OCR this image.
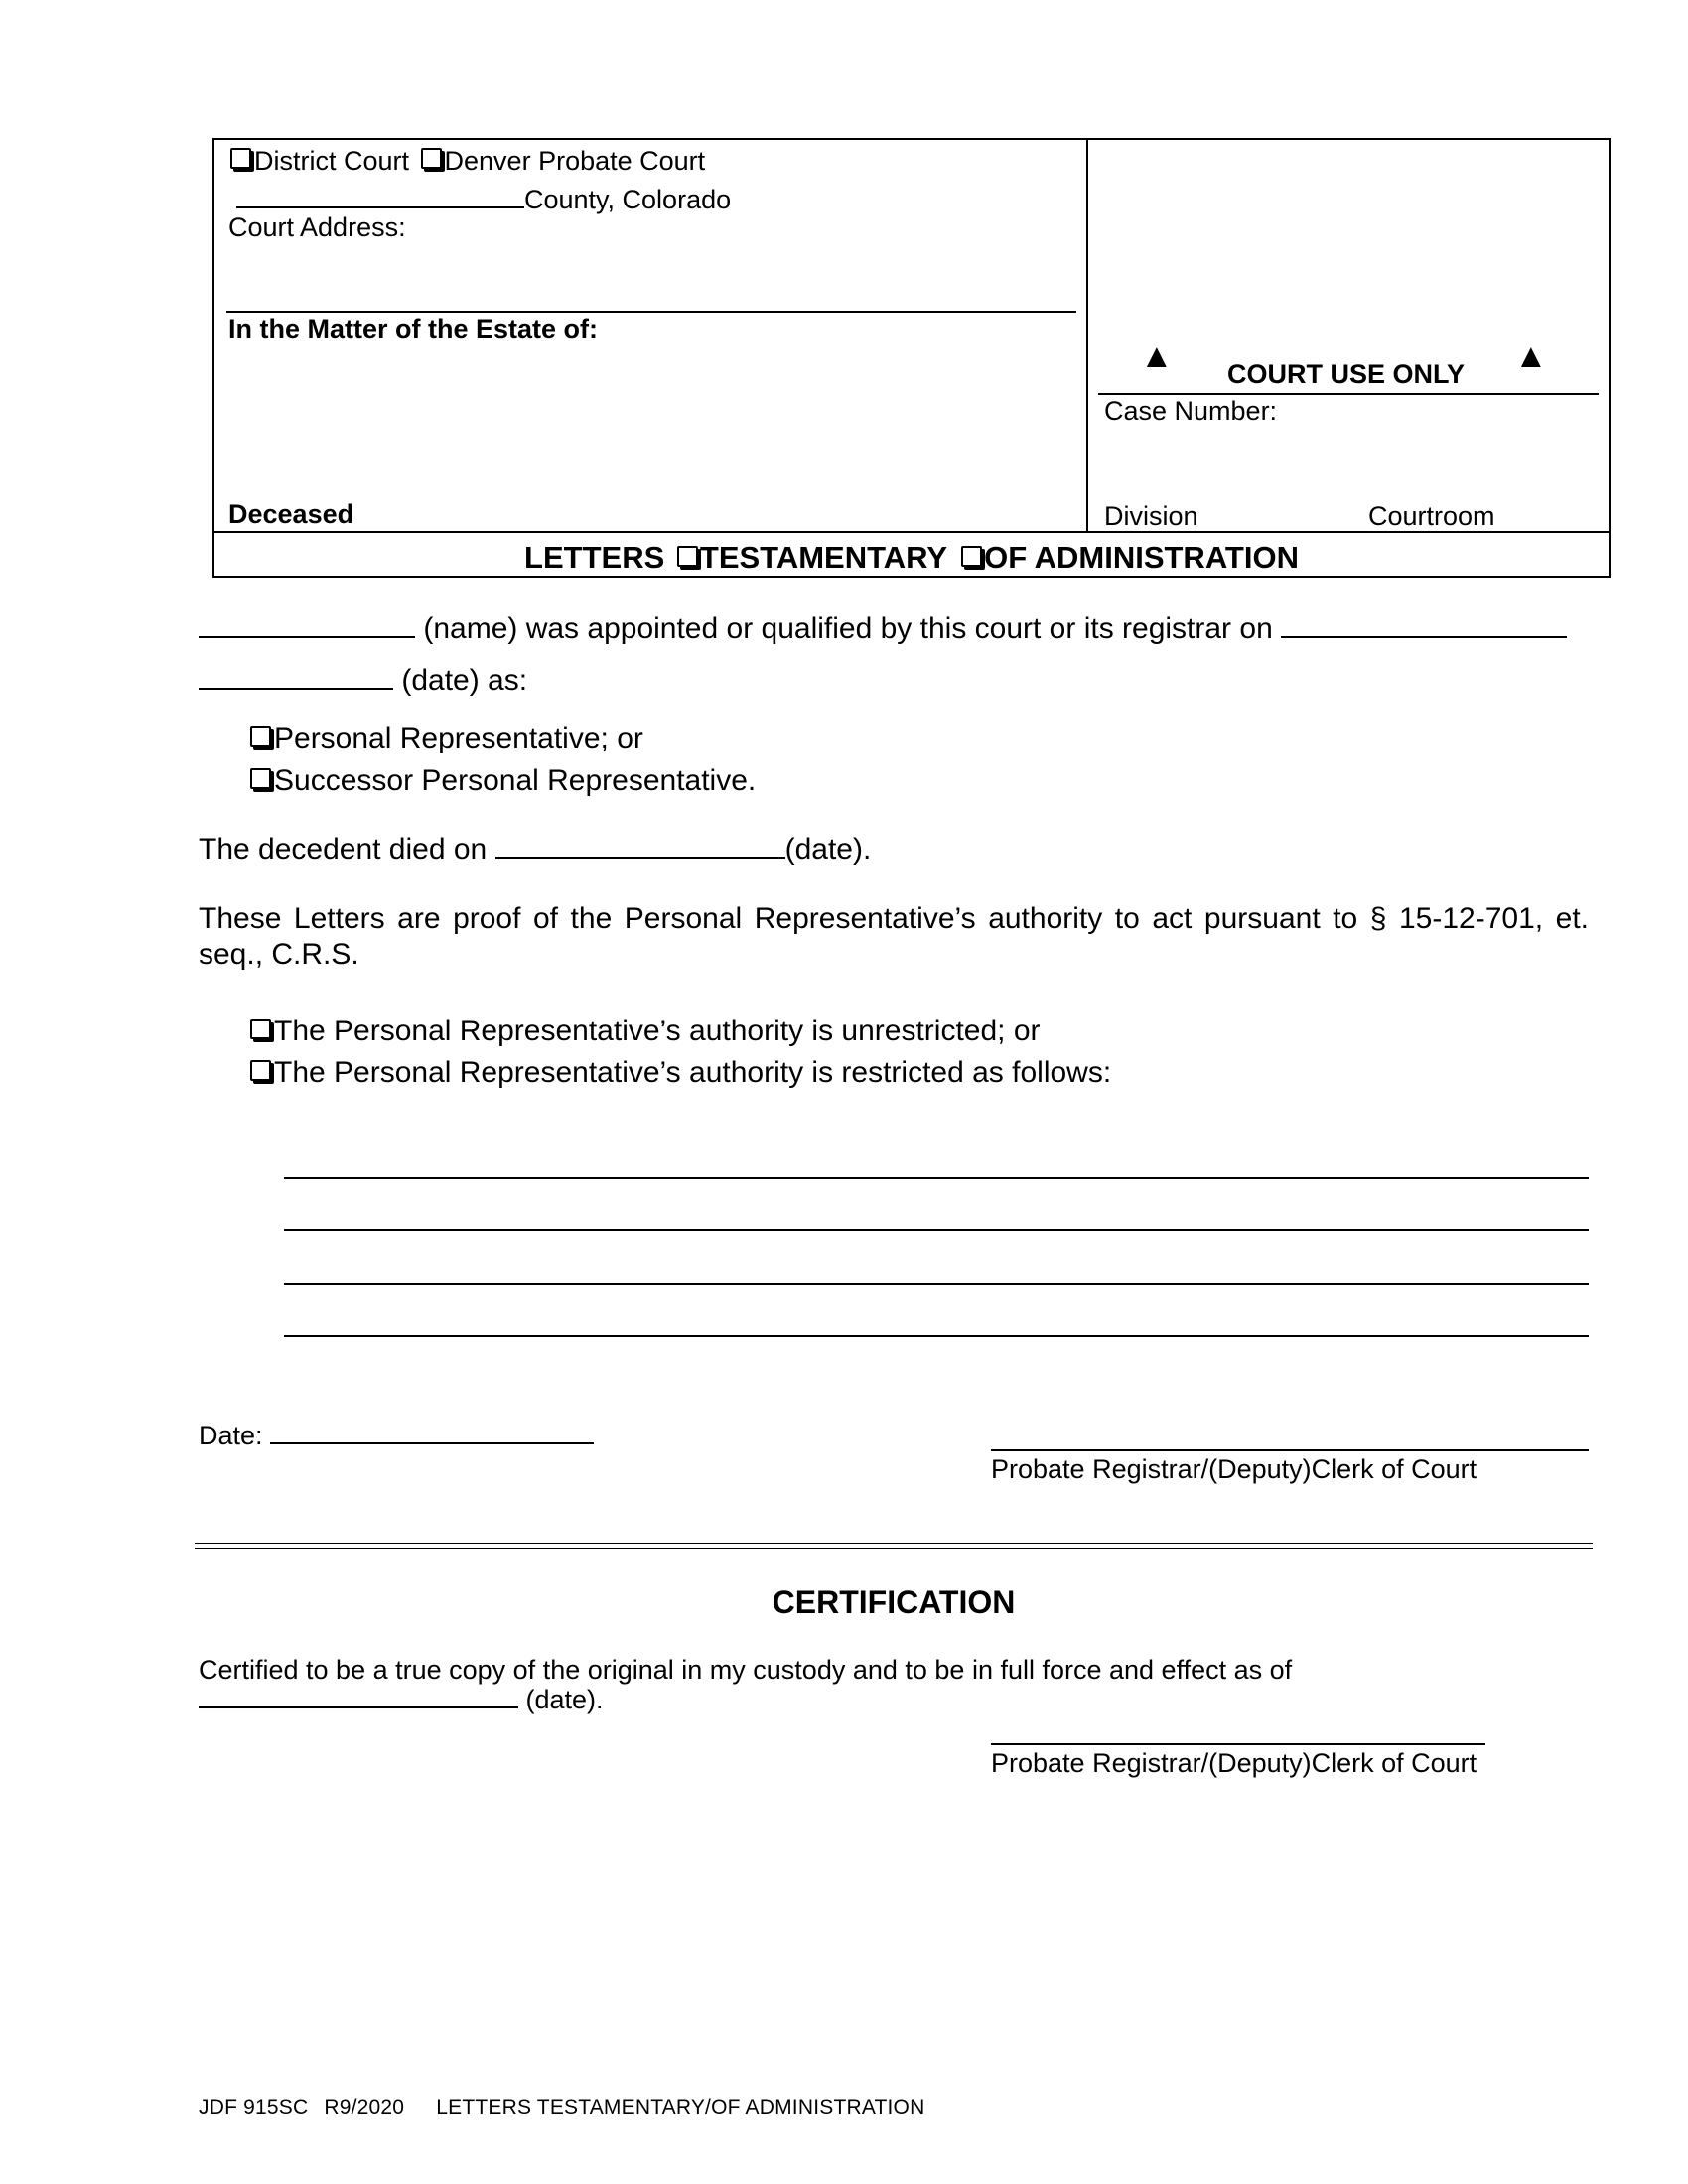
District Court Denver Probate Court
County, Colorado
Court Address:
In the Matter of the Estate of:
Deceased
▲	▲
COURT USE ONLY
Case Number:
Division	Courtroom
LETTERS TESTAMENTARY OF ADMINISTRATION
(name) was appointed or qualified by this court or its registrar on
(date) as:
Personal Representative; or
Successor Personal Representative.
The decedent died on	(date).
These Letters are proof of the Personal Representative’s authority to act pursuant to § 15-12-701, et.
seq., C.R.S.
The Personal Representative’s authority is unrestricted; or
The Personal Representative’s authority is restricted as follows:
Date:
Probate Registrar/(Deputy)Clerk of Court
CERTIFICATION
Certified to be a true copy of the original in my custody and to be in full force and effect as of
(date).
Probate Registrar/(Deputy)Clerk of Court
JDF 915SC R9/2020 LETTERS TESTAMENTARY/OF ADMINISTRATION
